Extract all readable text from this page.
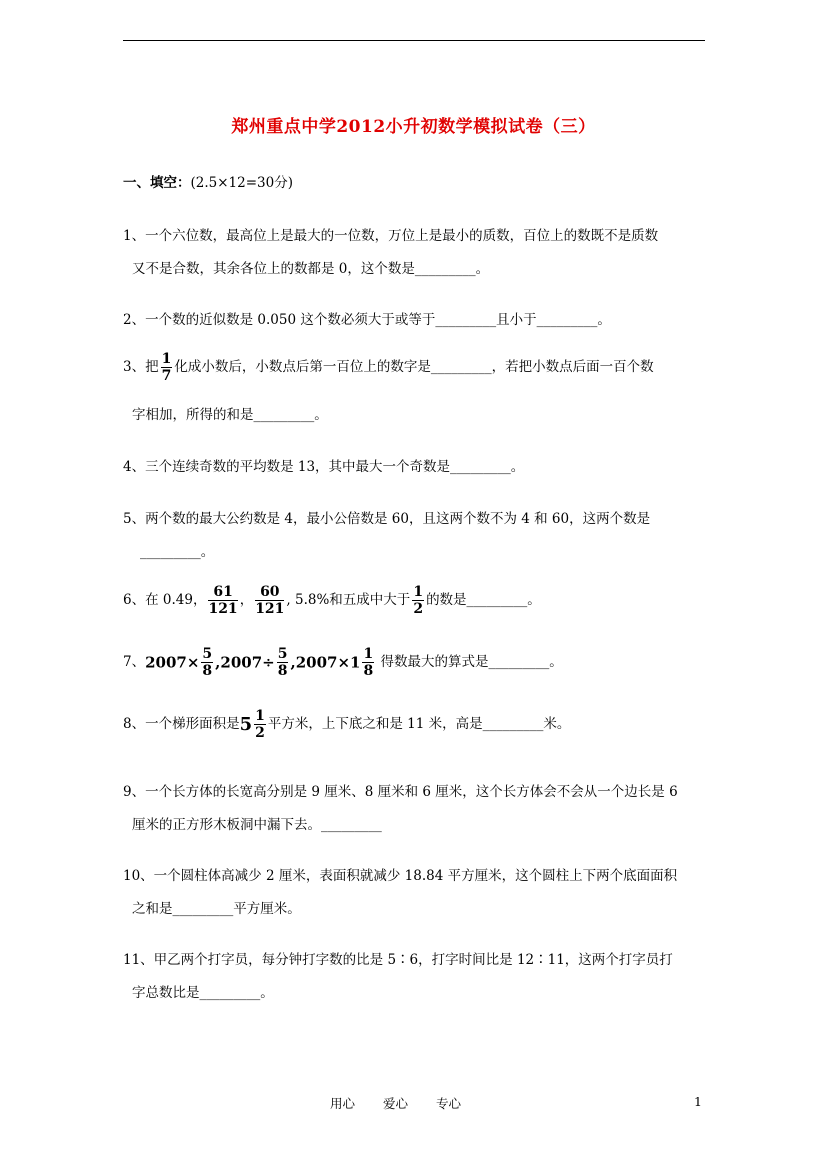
郑州重点中学2012小升初数学模拟试卷（三）
一、填空：(2.5×12=30分)
1、一个六位数，最高位上是最大的一位数，万位上是最小的质数，百位上的数既不是质数
又不是合数，其余各位上的数都是 0，这个数是_________。
2、一个数的近似数是 0.050 这个数必须大于或等于_________且小于_________。
3、把 $\frac{1}{7}$ 化成小数后，小数点后第一百位上的数字是_________，若把小数点后面一百个数
字相加，所得的和是_________。
4、三个连续奇数的平均数是 13，其中最大一个奇数是_________。
5、两个数的最大公约数是 4，最小公倍数是 60，且这两个数不为 4 和 60，这两个数是
_________。
6、在 0.49， $\frac{61}{121}$ ， $\frac{60}{121}$ , 5.8%和五成中大于 $\frac{1}{2}$ 的数是_________。
7、$2007\times \frac{5}{8} ,2007\div \frac{5}{8} ,2007\times 1 \frac{1}{8}$ 得数最大的算式是_________。
8、一个梯形面积是$5 \frac{1}{2}$ 平方米，上下底之和是 11 米，高是_________米。
9、一个长方体的长宽高分别是 9 厘米、8 厘米和 6 厘米，这个长方体会不会从一个边长是 6
厘米的正方形木板洞中漏下去。_________
10、一个圆柱体高减少 2 厘米，表面积就减少 18.84 平方厘米，这个圆柱上下两个底面面积
之和是_________平方厘米。
11、甲乙两个打字员，每分钟打字数的比是 5∶6，打字时间比是 12∶11，这两个打字员打
字总数比是_________。
用心 爱心 专心	1
